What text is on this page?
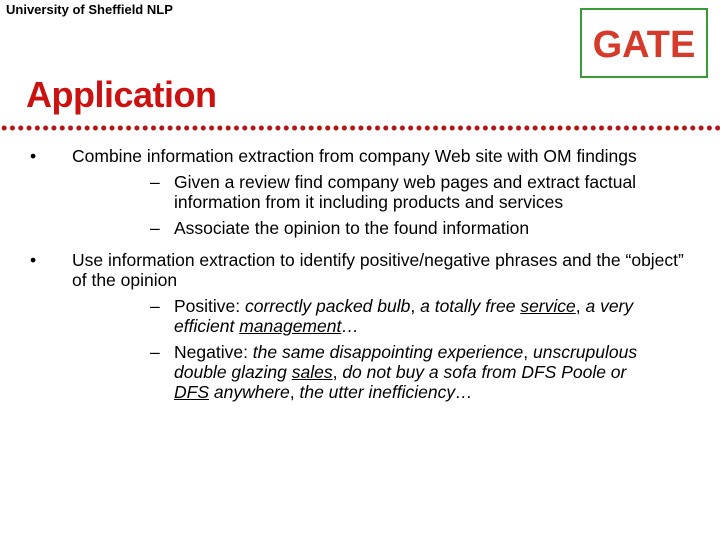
University of Sheffield NLP
GATE
Application
• Combine information extraction from company Web site with OM findings
– Given a review find company web pages and extract factual information from it including products and services
– Associate the opinion to the found information
• Use information extraction to identify positive/negative phrases and the “object” of the opinion
– Positive: correctly packed bulb, a totally free service, a very efficient management…
– Negative: the same disappointing experience, unscrupulous double glazing sales, do not buy a sofa from DFS Poole or DFS anywhere, the utter inefficiency…
